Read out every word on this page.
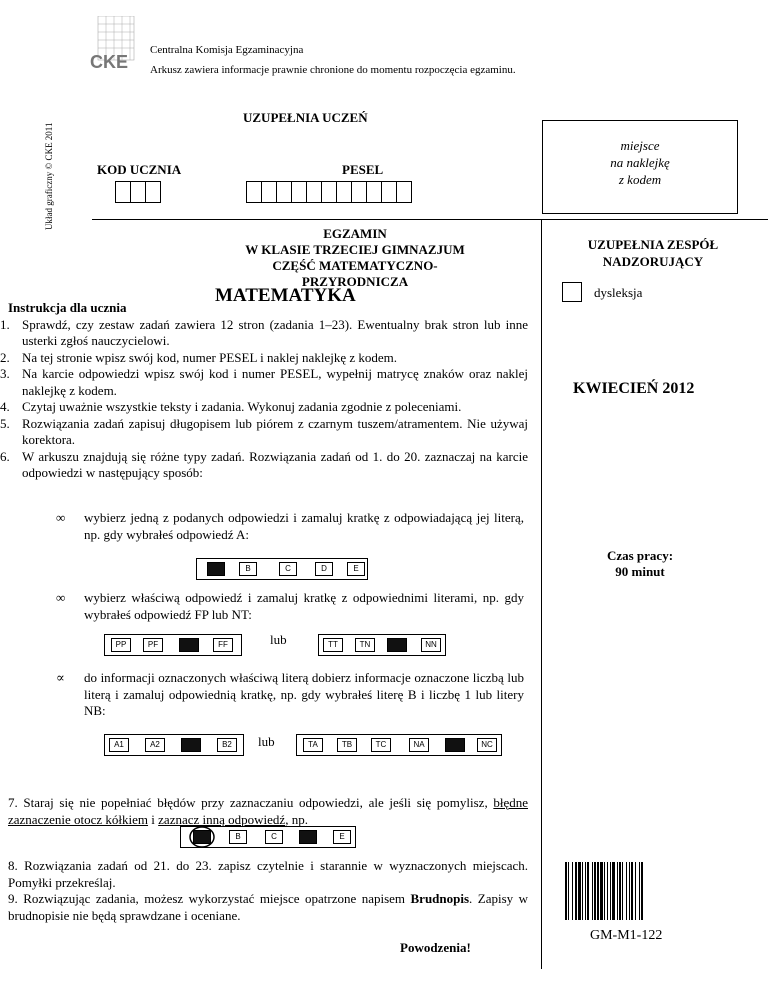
CKE
Centralna Komisja Egzaminacyjna
Arkusz zawiera informacje prawnie chronione do momentu rozpoczęcia egzaminu.
Układ graficzny © CKE 2011
UZUPEŁNIA UCZEŃ
KOD UCZNIA	PESEL
miejsce
na naklejkę
z kodem
EGZAMIN
W KLASIE TRZECIEJ GIMNAZJUM
CZĘŚĆ MATEMATYCZNO-PRZYRODNICZA
MATEMATYKA
UZUPEŁNIA ZESPÓŁ
NADZORUJĄCY
dysleksja
KWIECIEŃ 2012
Czas pracy:
90 minut
Instrukcja dla ucznia
1. Sprawdź, czy zestaw zadań zawiera 12 stron (zadania 1–23). Ewentualny brak stron lub inne usterki zgłoś nauczycielowi.
2. Na tej stronie wpisz swój kod, numer PESEL i naklej naklejkę z kodem.
3. Na karcie odpowiedzi wpisz swój kod i numer PESEL, wypełnij matrycę znaków oraz naklej naklejkę z kodem.
4. Czytaj uważnie wszystkie teksty i zadania. Wykonuj zadania zgodnie z poleceniami.
5. Rozwiązania zadań zapisuj długopisem lub piórem z czarnym tuszem/atramentem. Nie używaj korektora.
6. W arkuszu znajdują się różne typy zadań. Rozwiązania zadań od 1. do 20. zaznaczaj na karcie odpowiedzi w następujący sposób:
∞ wybierz jedną z podanych odpowiedzi i zamaluj kratkę z odpowiadającą jej literą, np. gdy wybrałeś odpowiedź A:
B	C	D	E
∞ wybierz właściwą odpowiedź i zamaluj kratkę z odpowiednimi literami, np. gdy wybrałeś odpowiedź FP lub NT:
PP	PF	FF	lub	TT	TN	NN
∝ do informacji oznaczonych właściwą literą dobierz informacje oznaczone liczbą lub literą i zamaluj odpowiednią kratkę, np. gdy wybrałeś literę B i liczbę 1 lub litery NB:
A1	A2	B2	lub	TA	TB	TC	NA	NC
7. Staraj się nie popełniać błędów przy zaznaczaniu odpowiedzi, ale jeśli się pomylisz, błędne zaznaczenie otocz kółkiem i zaznacz inną odpowiedź, np.
B	C	E
8. Rozwiązania zadań od 21. do 23. zapisz czytelnie i starannie w wyznaczonych miejscach. Pomyłki przekreślaj.
9. Rozwiązując zadania, możesz wykorzystać miejsce opatrzone napisem Brudnopis. Zapisy w brudnopisie nie będą sprawdzane i oceniane.
Powodzenia!
GM-M1-122
